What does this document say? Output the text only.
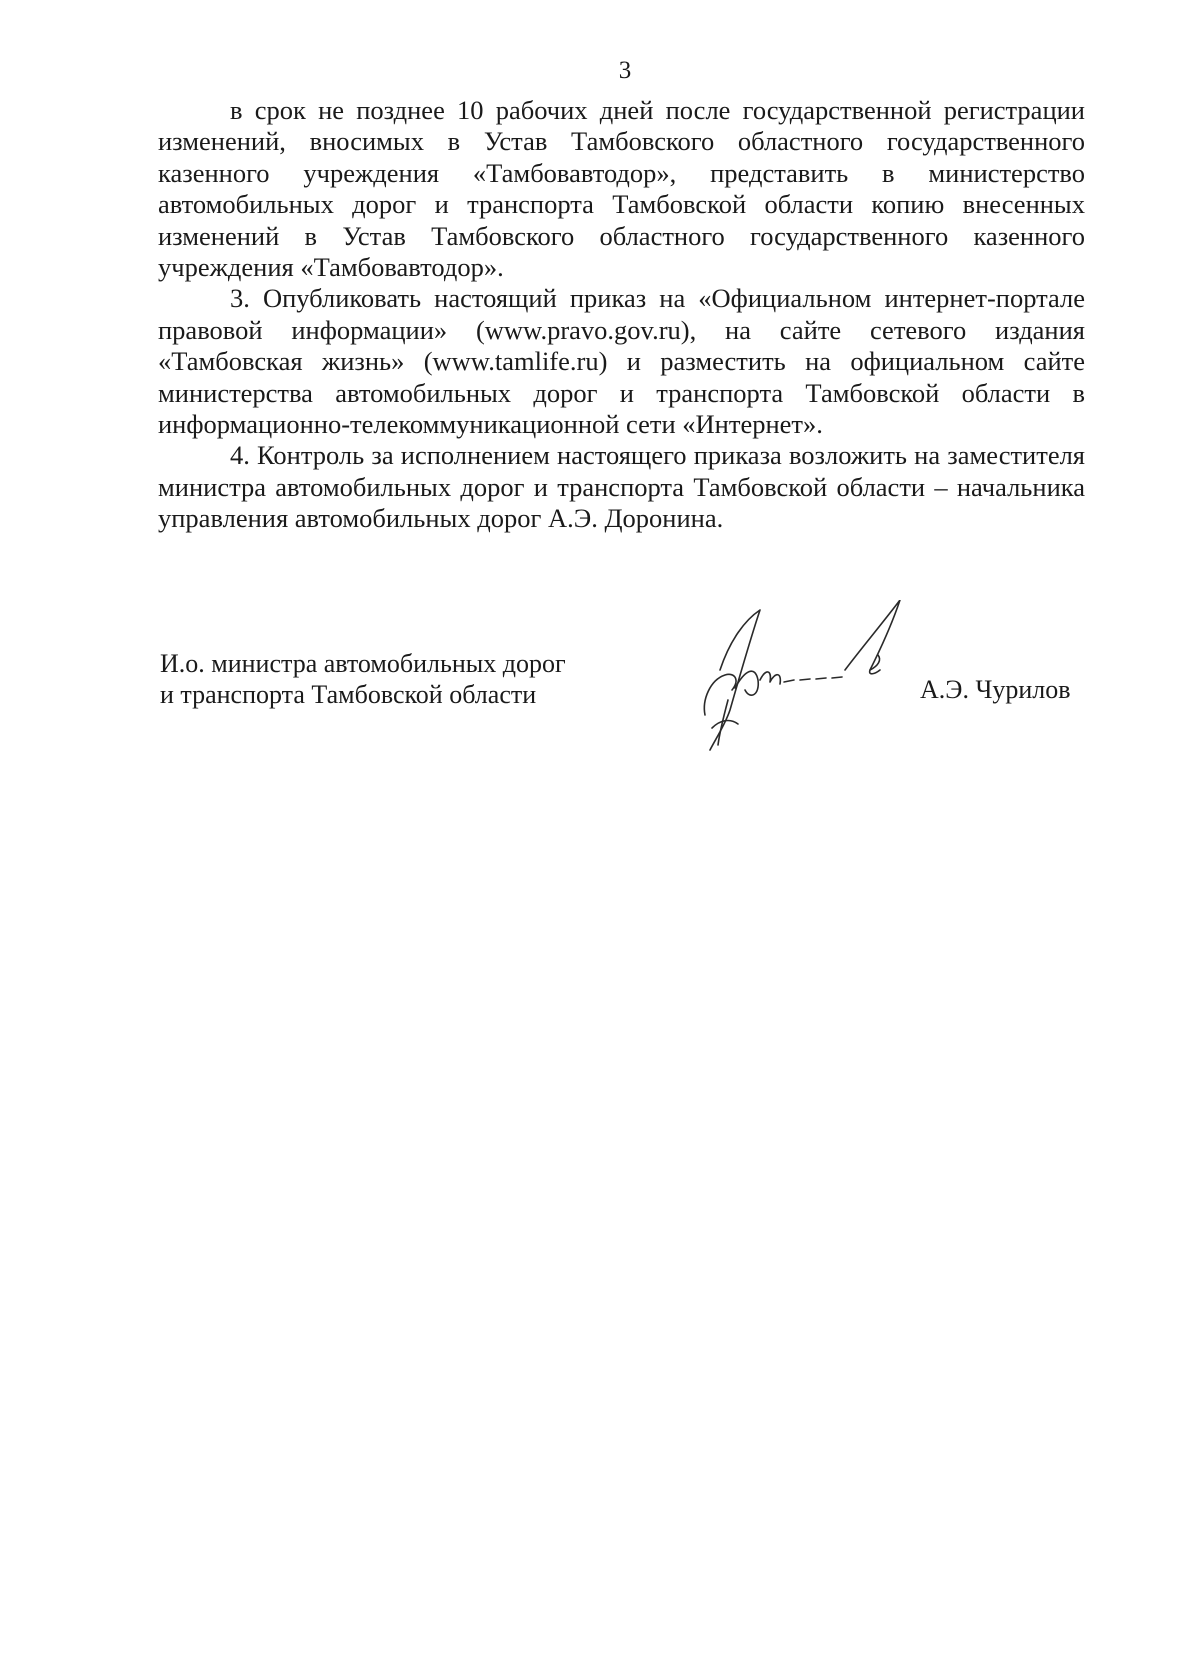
3

в срок не позднее 10 рабочих дней после государственной регистрации изменений, вносимых в Устав Тамбовского областного государственного казенного учреждения «Тамбовавтодор», представить в министерство автомобильных дорог и транспорта Тамбовской области копию внесенных изменений в Устав Тамбовского областного государственного казенного учреждения «Тамбовавтодор».

3. Опубликовать настоящий приказ на «Официальном интернет-портале правовой информации» (www.pravo.gov.ru), на сайте сетевого издания «Тамбовская жизнь» (www.tamlife.ru) и разместить на официальном сайте министерства автомобильных дорог и транспорта Тамбовской области в информационно-телекоммуникационной сети «Интернет».

4. Контроль за исполнением настоящего приказа возложить на заместителя министра автомобильных дорог и транспорта Тамбовской области – начальника управления автомобильных дорог А.Э. Доронина.

И.о. министра автомобильных дорог
и транспорта Тамбовской области	А.Э. Чурилов
